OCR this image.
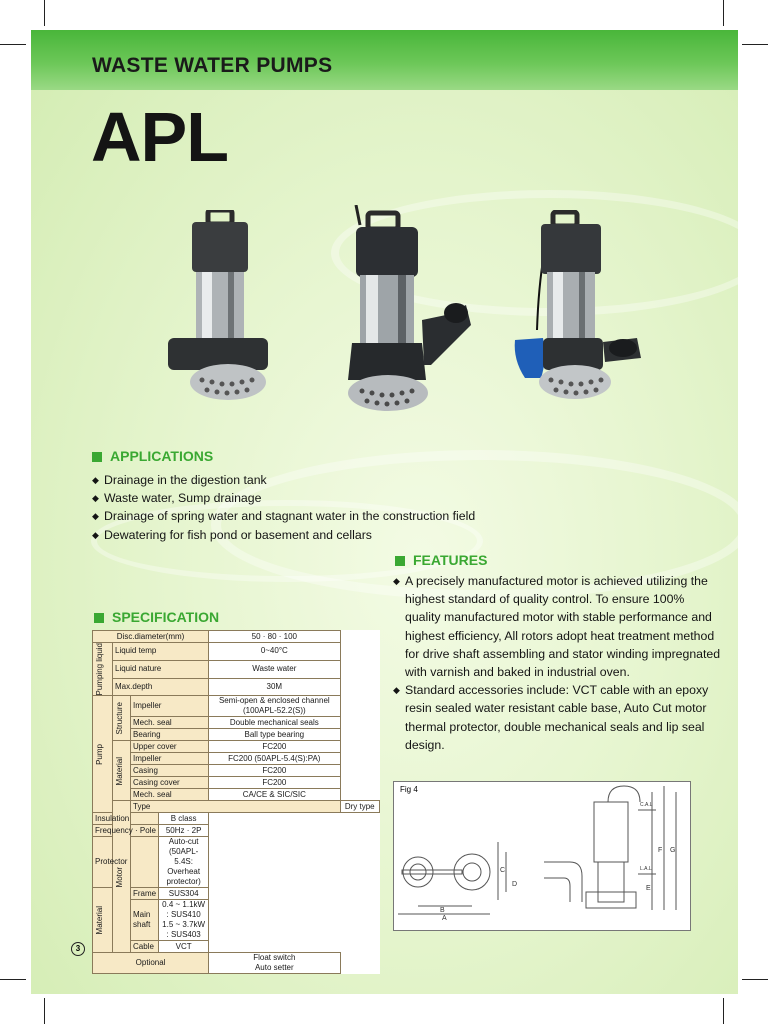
WASTE WATER PUMPS
APL
APPLICATIONS
◆ Drainage in the digestion tank
◆ Waste water, Sump drainage
◆ Drainage of spring water and stagnant water in the construction field
◆ Dewatering for fish pond or basement and cellars
FEATURES
◆ A precisely manufactured motor is achieved utilizing the highest standard of quality control. To ensure 100% quality manufactured motor with stable performance and highest efficiency, All rotors adopt heat treatment method for drive shaft assembling and stator winding impregnated with varnish and baked in industrial oven.
◆ Standard accessories include: VCT cable with an epoxy resin sealed water resistant cable base, Auto Cut motor thermal protector, double mechanical seals and lip seal design.
SPECIFICATION
Disc.diameter(mm)				50 · 80 · 100	

Pumping liquid	Liquid temp			0~40°C	
	Liquid nature			Waste water	
	Max.depth			30M	

Pump	Structure	Impeller		Semi-open & enclosed channel
(100APL-52.2(S))	

		Mech. seal		Double mechanical seals	
		Bearing		Ball type bearing	

	Material	Upper cover		FC200	
		Impeller		FC200 (50APL-5.4(S):PA)	
		Casing		FC200	
		Casing cover		FC200	
		Mech. seal		CA/CE & SIC/SIC	

	Motor	Type			Dry type
Insulation			B class		
Frequency · Pole			50Hz · 2P		
Protector			Auto-cut (50APL-5.4S: Overheat protector)		

Material		Frame	SUS304		
		Main shaft	0.4 ~ 1.1kW : SUS410
1.5 ~ 3.7kW : SUS403		

		Cable	VCT		
Optional				Float switch
Auto setter	
Fig 4
B
A
C
D
E
F G
C.A.L
L.A.L
3
